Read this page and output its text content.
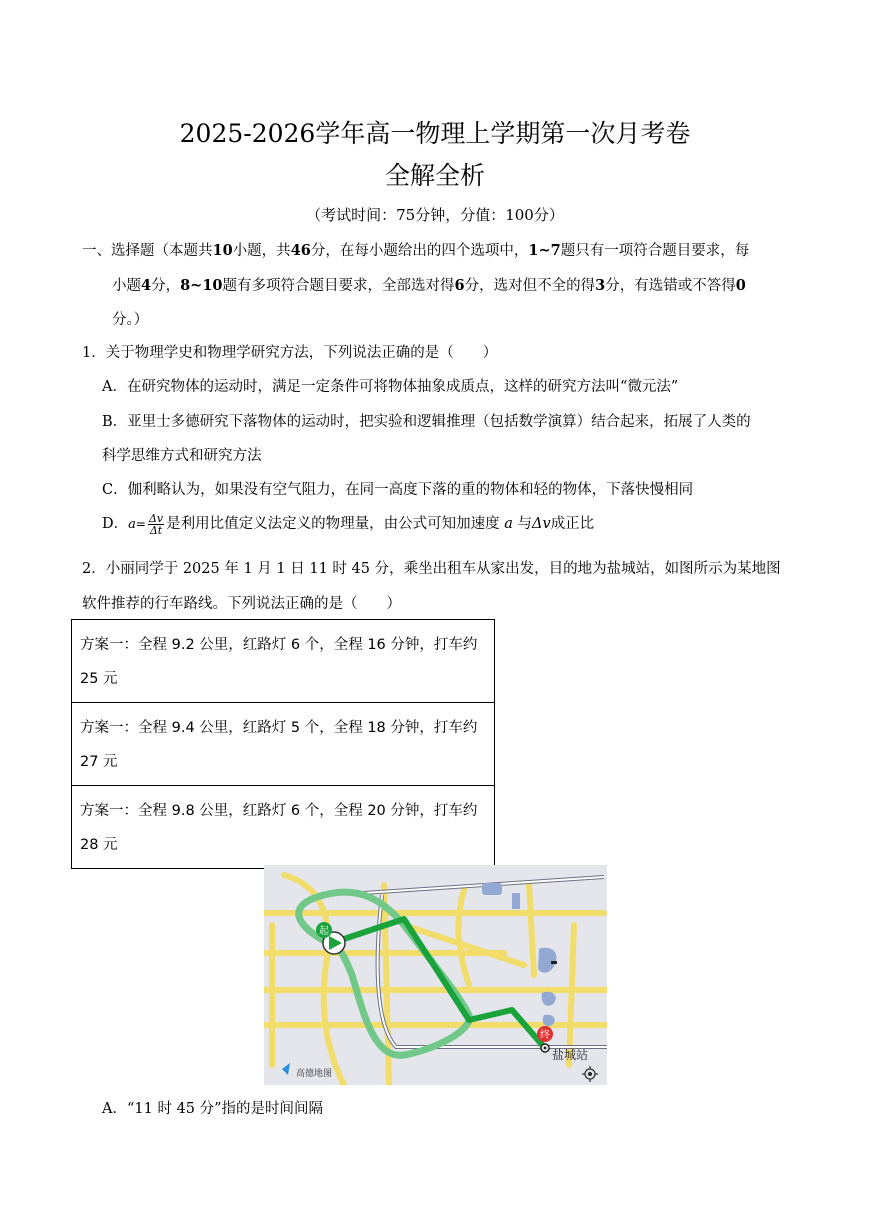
2025-2026学年高一物理上学期第一次月考卷
全解全析
（考试时间：75分钟，分值：100分）
一、选择题（本题共10小题，共46分，在每小题给出的四个选项中，1~7题只有一项符合题目要求，每
小题4分，8~10题有多项符合题目要求，全部选对得6分，选对但不全的得3分，有选错或不答得0
分。）
1．关于物理学史和物理学研究方法，下列说法正确的是（　　）
A．在研究物体的运动时，满足一定条件可将物体抽象成质点，这样的研究方法叫“微元法”
B．亚里士多德研究下落物体的运动时，把实验和逻辑推理（包括数学演算）结合起来，拓展了人类的
科学思维方式和研究方法
C．伽利略认为，如果没有空气阻力，在同一高度下落的重的物体和轻的物体，下落快慢相同
D．$a= \frac{\Delta v}{\Delta t}$ 是利用比值定义法定义的物理量，由公式可知加速度 a 与Δv成正比
2．小丽同学于 2025 年 1 月 1 日 11 时 45 分，乘坐出租车从家出发，目的地为盐城站，如图所示为某地图
软件推荐的行车路线。下列说法正确的是（　　）
方案一：全程 9.2 公里，红路灯 6 个，全程 16 分钟，打车约 25 元
方案一：全程 9.4 公里，红路灯 5 个，全程 18 分钟，打车约 27 元
方案一：全程 9.8 公里，红路灯 6 个，全程 20 分钟，打车约 28 元
起
终
盐城站
高德地图
A．“11 时 45 分”指的是时间间隔
